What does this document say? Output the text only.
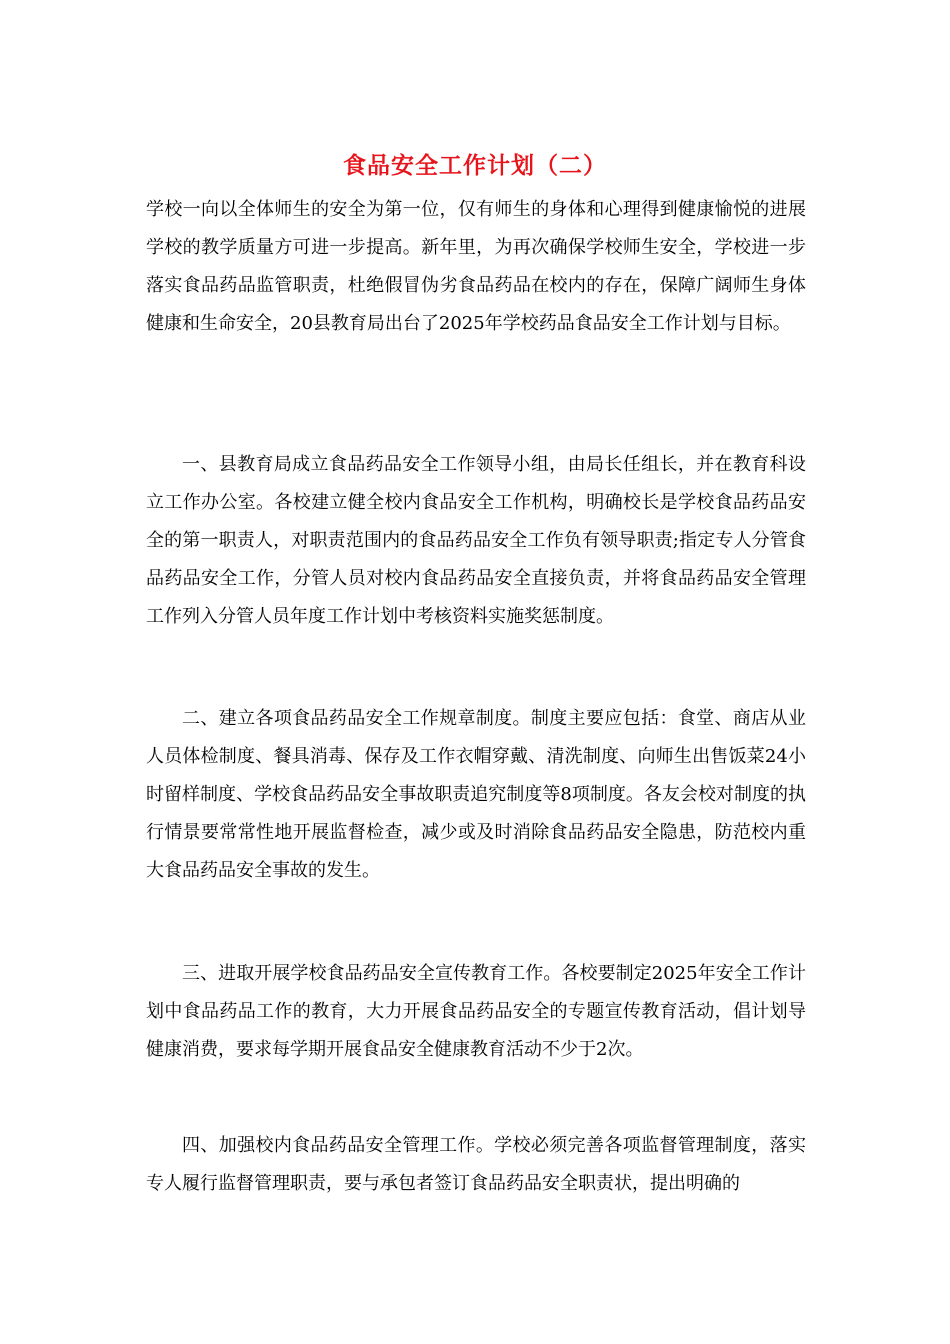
食品安全工作计划（二）

学校一向以全体师生的安全为第一位，仅有师生的身体和心理得到健康愉悦的进展学校的教学质量方可进一步提高。新年里，为再次确保学校师生安全，学校进一步落实食品药品监管职责，杜绝假冒伪劣食品药品在校内的存在，保障广阔师生身体健康和生命安全，20县教育局出台了2025年学校药品食品安全工作计划与目标。

一、县教育局成立食品药品安全工作领导小组，由局长任组长，并在教育科设立工作办公室。各校建立健全校内食品安全工作机构，明确校长是学校食品药品安全的第一职责人，对职责范围内的食品药品安全工作负有领导职责;指定专人分管食品药品安全工作，分管人员对校内食品药品安全直接负责，并将食品药品安全管理工作列入分管人员年度工作计划中考核资料实施奖惩制度。

二、建立各项食品药品安全工作规章制度。制度主要应包括：食堂、商店从业人员体检制度、餐具消毒、保存及工作衣帽穿戴、清洗制度、向师生出售饭菜24小时留样制度、学校食品药品安全事故职责追究制度等8项制度。各友会校对制度的执行情景要常常性地开展监督检查，减少或及时消除食品药品安全隐患，防范校内重大食品药品安全事故的发生。

三、进取开展学校食品药品安全宣传教育工作。各校要制定2025年安全工作计划中食品药品工作的教育，大力开展食品药品安全的专题宣传教育活动，倡计划导健康消费，要求每学期开展食品安全健康教育活动不少于2次。

四、加强校内食品药品安全管理工作。学校必须完善各项监督管理制度，落实专人履行监督管理职责，要与承包者签订食品药品安全职责状，提出明确的
